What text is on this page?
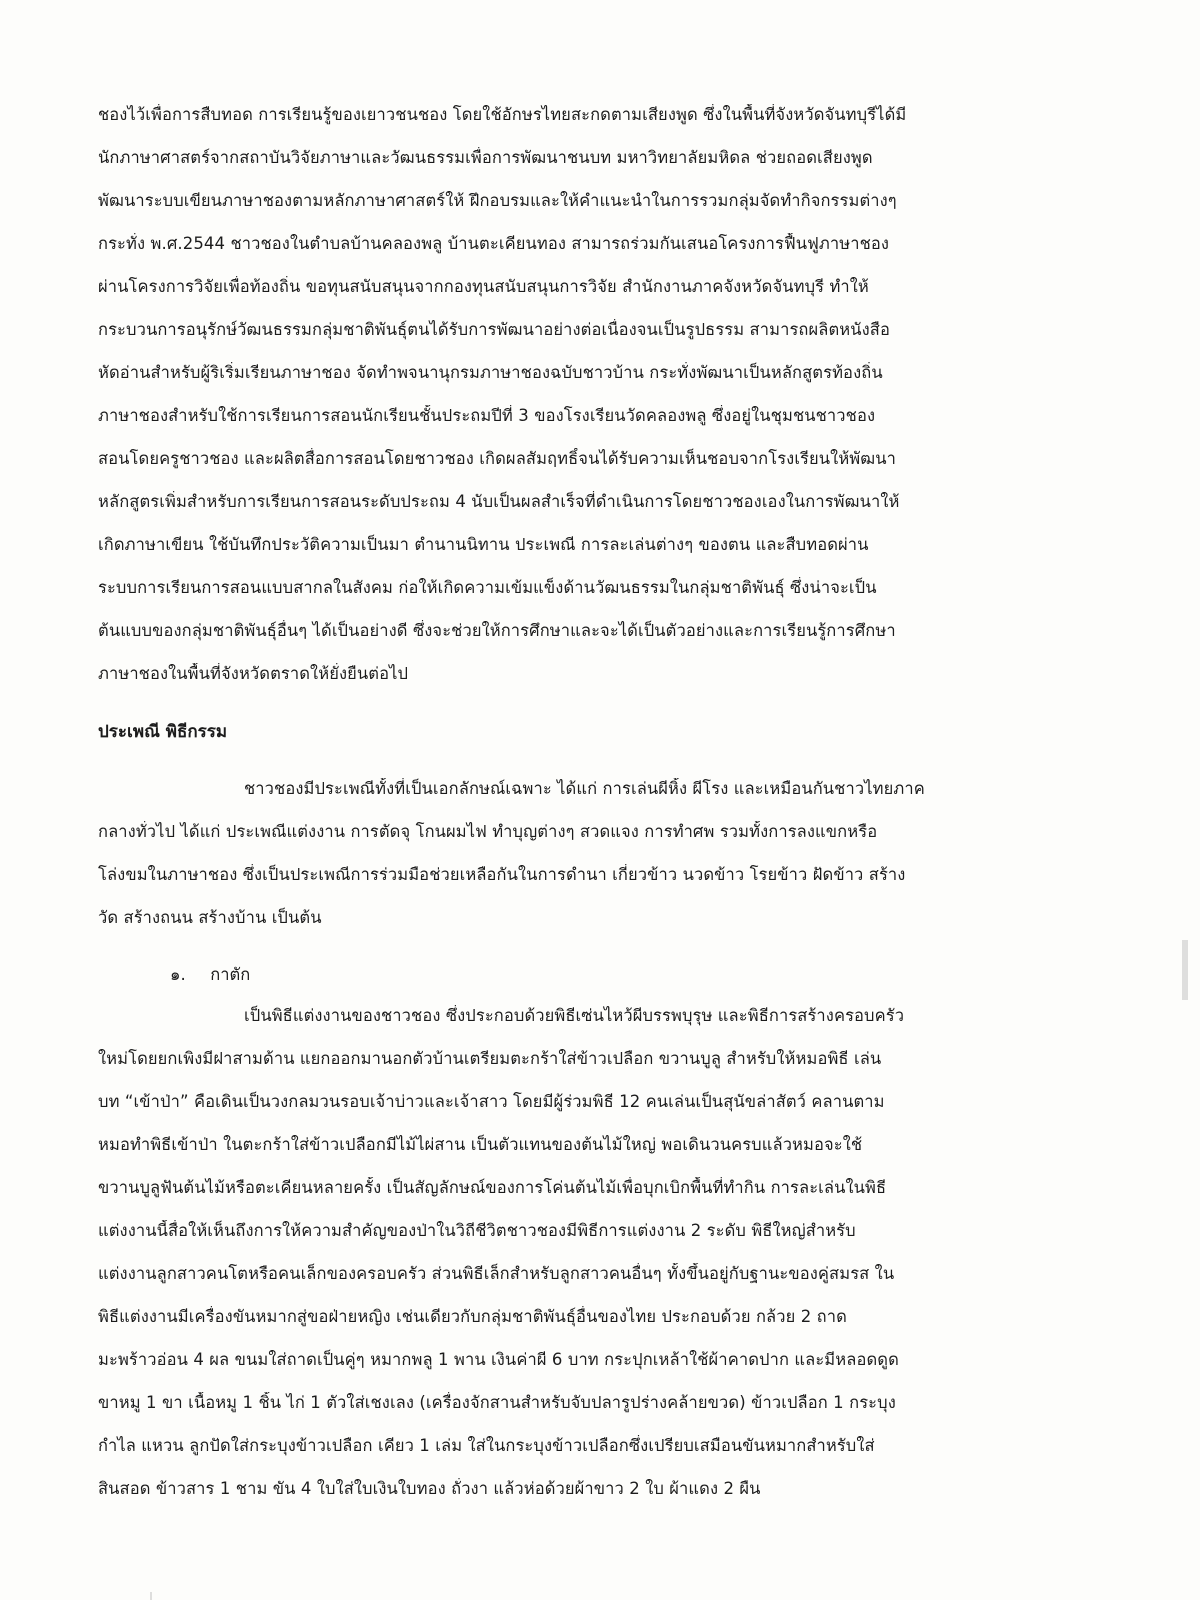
ชองไว้เพื่อการสืบทอด การเรียนรู้ของเยาวชนชอง โดยใช้อักษรไทยสะกดตามเสียงพูด ซึ่งในพื้นที่จังหวัดจันทบุรีได้มี
นักภาษาศาสตร์จากสถาบันวิจัยภาษาและวัฒนธรรมเพื่อการพัฒนาชนบท มหาวิทยาลัยมหิดล ช่วยถอดเสียงพูด
พัฒนาระบบเขียนภาษาชองตามหลักภาษาศาสตร์ให้ ฝึกอบรมและให้คำแนะนำในการรวมกลุ่มจัดทำกิจกรรมต่างๆ
กระทั่ง พ.ศ.2544 ชาวชองในตำบลบ้านคลองพลู บ้านตะเคียนทอง สามารถร่วมกันเสนอโครงการฟื้นฟูภาษาชอง
ผ่านโครงการวิจัยเพื่อท้องถิ่น ขอทุนสนับสนุนจากกองทุนสนับสนุนการวิจัย สำนักงานภาคจังหวัดจันทบุรี ทำให้
กระบวนการอนุรักษ์วัฒนธรรมกลุ่มชาติพันธุ์ตนได้รับการพัฒนาอย่างต่อเนื่องจนเป็นรูปธรรม สามารถผลิตหนังสือ
หัดอ่านสำหรับผู้ริเริ่มเรียนภาษาชอง จัดทำพจนานุกรมภาษาชองฉบับชาวบ้าน กระทั่งพัฒนาเป็นหลักสูตรท้องถิ่น
ภาษาชองสำหรับใช้การเรียนการสอนนักเรียนชั้นประถมปีที่ 3 ของโรงเรียนวัดคลองพลู ซึ่งอยู่ในชุมชนชาวชอง
สอนโดยครูชาวชอง และผลิตสื่อการสอนโดยชาวชอง เกิดผลสัมฤทธิ์จนได้รับความเห็นชอบจากโรงเรียนให้พัฒนา
หลักสูตรเพิ่มสำหรับการเรียนการสอนระดับประถม 4 นับเป็นผลสำเร็จที่ดำเนินการโดยชาวชองเองในการพัฒนาให้
เกิดภาษาเขียน ใช้บันทึกประวัติความเป็นมา ตำนานนิทาน ประเพณี การละเล่นต่างๆ ของตน และสืบทอดผ่าน
ระบบการเรียนการสอนแบบสากลในสังคม ก่อให้เกิดความเข้มแข็งด้านวัฒนธรรมในกลุ่มชาติพันธุ์ ซึ่งน่าจะเป็น
ต้นแบบของกลุ่มชาติพันธุ์อื่นๆ ได้เป็นอย่างดี ซึ่งจะช่วยให้การศึกษาและจะได้เป็นตัวอย่างและการเรียนรู้การศึกษา
ภาษาชองในพื้นที่จังหวัดตราดให้ยั่งยืนต่อไป
ประเพณี พิธีกรรม
ชาวชองมีประเพณีทั้งที่เป็นเอกลักษณ์เฉพาะ ได้แก่ การเล่นผีหิ้ง ผีโรง และเหมือนกันชาวไทยภาค
กลางทั่วไป ได้แก่ ประเพณีแต่งงาน การตัดจุ โกนผมไฟ ทำบุญต่างๆ สวดแจง การทำศพ รวมทั้งการลงแขกหรือ
โล่งขมในภาษาชอง ซึ่งเป็นประเพณีการร่วมมือช่วยเหลือกันในการดำนา เกี่ยวข้าว นวดข้าว โรยข้าว ฝัดข้าว สร้าง
วัด สร้างถนน สร้างบ้าน เป็นต้น
๑. กาตัก
เป็นพิธีแต่งงานของชาวชอง ซึ่งประกอบด้วยพิธีเซ่นไหว้ผีบรรพบุรุษ และพิธีการสร้างครอบครัว
ใหม่โดยยกเพิงมีฝาสามด้าน แยกออกมานอกตัวบ้านเตรียมตะกร้าใส่ข้าวเปลือก ขวานบูลู สำหรับให้หมอพิธี เล่น
บท “เข้าป่า” คือเดินเป็นวงกลมวนรอบเจ้าบ่าวและเจ้าสาว โดยมีผู้ร่วมพิธี 12 คนเล่นเป็นสุนัขล่าสัตว์ คลานตาม
หมอทำพิธีเข้าป่า ในตะกร้าใส่ข้าวเปลือกมีไม้ไผ่สาน เป็นตัวแทนของต้นไม้ใหญ่ พอเดินวนครบแล้วหมอจะใช้
ขวานบูลูฟันต้นไม้หรือตะเคียนหลายครั้ง เป็นสัญลักษณ์ของการโค่นต้นไม้เพื่อบุกเบิกพื้นที่ทำกิน การละเล่นในพิธี
แต่งงานนี้สื่อให้เห็นถึงการให้ความสำคัญของป่าในวิถีชีวิตชาวชองมีพิธีการแต่งงาน 2 ระดับ พิธีใหญ่สำหรับ
แต่งงานลูกสาวคนโตหรือคนเล็กของครอบครัว ส่วนพิธีเล็กสำหรับลูกสาวคนอื่นๆ ทั้งขึ้นอยู่กับฐานะของคู่สมรส ใน
พิธีแต่งงานมีเครื่องขันหมากสู่ขอฝ่ายหญิง เช่นเดียวกับกลุ่มชาติพันธุ์อื่นของไทย ประกอบด้วย กล้วย 2 ถาด
มะพร้าวอ่อน 4 ผล ขนมใส่ถาดเป็นคู่ๆ หมากพลู 1 พาน เงินค่าผี 6 บาท กระปุกเหล้าใช้ผ้าคาดปาก และมีหลอดดูด
ขาหมู 1 ขา เนื้อหมู 1 ชิ้น ไก่ 1 ตัวใส่เชงเลง (เครื่องจักสานสำหรับจับปลารูปร่างคล้ายขวด) ข้าวเปลือก 1 กระบุง
กำไล แหวน ลูกปัดใส่กระบุงข้าวเปลือก เคียว 1 เล่ม ใส่ในกระบุงข้าวเปลือกซึ่งเปรียบเสมือนขันหมากสำหรับใส่
สินสอด ข้าวสาร 1 ชาม ขัน 4 ใบใส่ใบเงินใบทอง ถั่วงา แล้วห่อด้วยผ้าขาว 2 ใบ ผ้าแดง 2 ผืน
